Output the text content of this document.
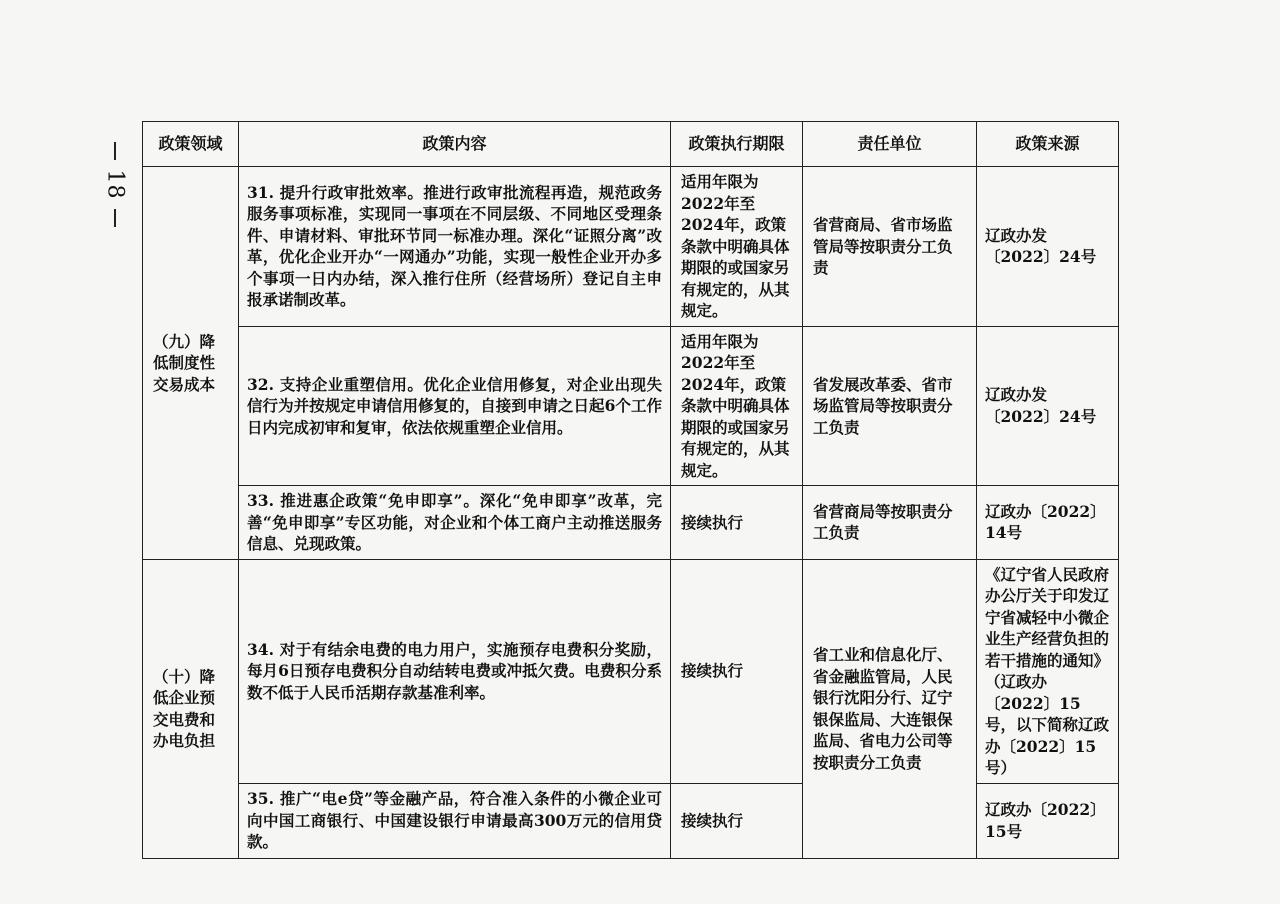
18
政策领域	政策内容	政策执行期限	责任单位	政策来源
（九）降低制度性交易成本	31. 提升行政审批效率。推进行政审批流程再造，规范政务服务事项标准，实现同一事项在不同层级、不同地区受理条件、申请材料、审批环节同一标准办理。深化“证照分离”改革，优化企业开办“一网通办”功能，实现一般性企业开办多个事项一日内办结，深入推行住所（经营场所）登记自主申报承诺制改革。	适用年限为2022年至2024年，政策条款中明确具体期限的或国家另有规定的，从其规定。	省营商局、省市场监管局等按职责分工负责	辽政办发〔2022〕24号
	32. 支持企业重塑信用。优化企业信用修复，对企业出现失信行为并按规定申请信用修复的，自接到申请之日起6个工作日内完成初审和复审，依法依规重塑企业信用。	适用年限为2022年至2024年，政策条款中明确具体期限的或国家另有规定的，从其规定。	省发展改革委、省市场监管局等按职责分工负责	辽政办发〔2022〕24号
	33. 推进惠企政策“免申即享”。深化“免申即享”改革，完善“免申即享”专区功能，对企业和个体工商户主动推送服务信息、兑现政策。	接续执行	省营商局等按职责分工负责	辽政办〔2022〕14号
（十）降低企业预交电费和办电负担	34. 对于有结余电费的电力用户，实施预存电费积分奖励，每月6日预存电费积分自动结转电费或冲抵欠费。电费积分系数不低于人民币活期存款基准利率。	接续执行	省工业和信息化厅、省金融监管局，人民银行沈阳分行、辽宁银保监局、大连银保监局、省电力公司等按职责分工负责	《辽宁省人民政府办公厅关于印发辽宁省减轻中小微企业生产经营负担的若干措施的通知》（辽政办〔2022〕15号，以下简称辽政办〔2022〕15号）
	35. 推广“电e贷”等金融产品，符合准入条件的小微企业可向中国工商银行、中国建设银行申请最高300万元的信用贷款。	接续执行		辽政办〔2022〕15号
